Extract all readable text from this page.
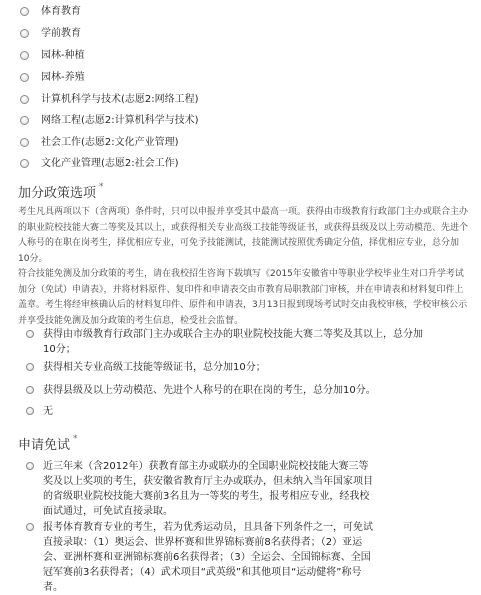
体育教育
学前教育
园林-种植
园林-养殖
计算机科学与技术(志愿2:网络工程)
网络工程(志愿2:计算机科学与技术)
社会工作(志愿2:文化产业管理)
文化产业管理(志愿2:社会工作)
加分政策选项 *

考生凡具两项以下（含两项）条件时，只可以申报并享受其中最高一项。获得由市级教育行政部门主办或联合主办的职业院校技能大赛二等奖及其以上，或获得相关专业高级工技能等级证书，或获得县级及以上劳动模范、先进个人称号的在职在岗考生，择优相应专业，可免予技能测试，技能测试按照优秀确定分值，择优相应专业，总分加10分。

符合技能免测及加分政策的考生，请在我校招生咨询下载填写《2015年安徽省中等职业学校毕业生对口升学考试加分（免试）申请表》，并将材料原件、复印件和申请表交由市教育局职教部门审核，并在申请表和材料复印件上盖章。考生将经审核确认后的材料复印件、原件和申请表，3月13日报到现场考试时交由我校审核，学校审核公示并享受技能免测及加分政策的考生信息，检受社会监督。

获得由市级教育行政部门主办或联合主办的职业院校技能大赛二等奖及其以上，总分加10分；
获得相关专业高级工技能等级证书，总分加10分；
获得县级及以上劳动模范、先进个人称号的在职在岗的考生，总分加10分。
无
申请免试 *
近三年来（含2012年）获教育部主办或联办的全国职业院校技能大赛三等奖及以上奖项的考生，获安徽省教育厅主办或联办，但未纳入当年国家项目的省级职业院校技能大赛前3名且为一等奖的考生，报考相应专业，经我校面试通过，可免试直接录取。
报考体育教育专业的考生，若为优秀运动员，且具备下列条件之一，可免试直接录取：（1）奥运会、世界杯赛和世界锦标赛前8名获得者；（2）亚运会、亚洲杯赛和亚洲锦标赛前6名获得者；（3）全运会、全国锦标赛、全国冠军赛前3名获得者；（4）武术项目“武英级”和其他项目“运动健将”称号者。
